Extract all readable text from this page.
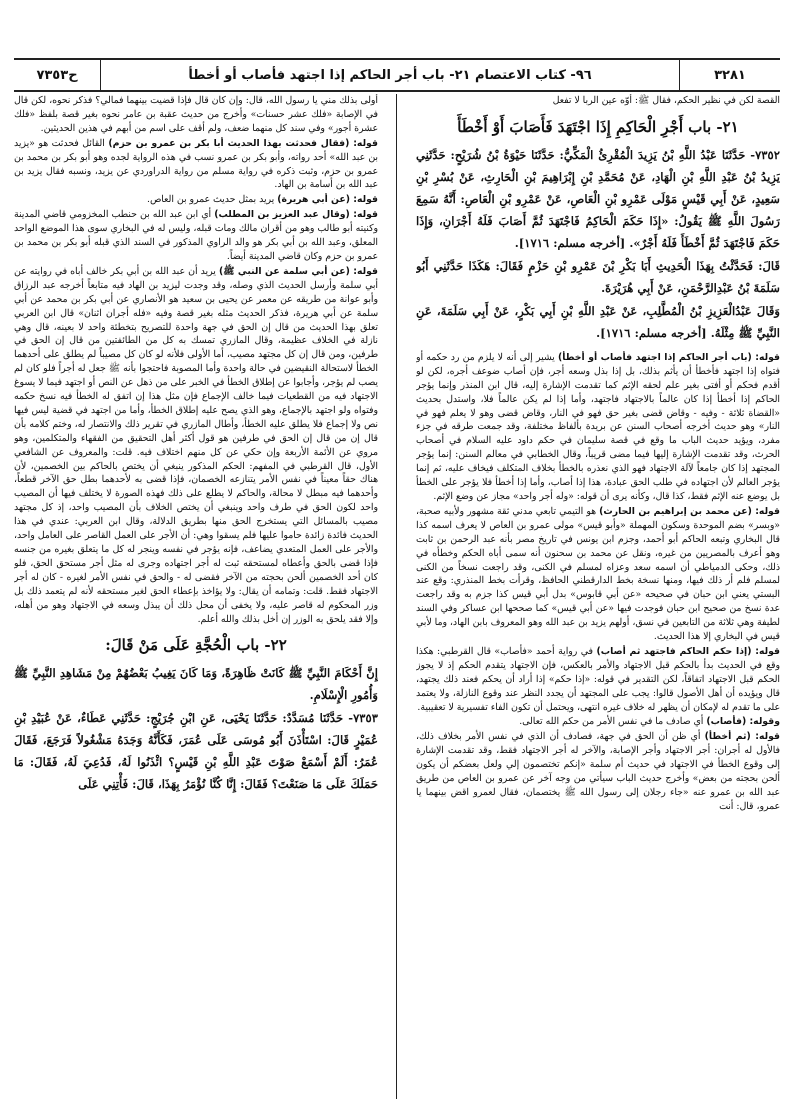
ح٧٣٥٣	٩٦- كتاب الاعتصام ٢١- باب أجر الحاكم إذا اجتهد فأصاب أو أخطأ	٣٢٨١

القصة لكن في نظير الحكم، فقال ﷺ: أوّه عين الربا لا تفعل

٢١- باب أَجْرِ الْحَاكِمِ إِذَا اجْتَهَدَ فَأَصَابَ أَوْ أَخْطَأَ

٧٣٥٢- حَدَّثَنَا عَبْدُ اللَّهِ بْنُ يَزِيدَ الْمُقْرِئُ الْمَكِّيُّ: حَدَّثَنَا حَيْوَةُ بْنُ شُرَيْحٍ: حَدَّثَنِي يَزِيدُ بْنُ عَبْدِ اللَّهِ بْنِ الْهَادِ، عَنْ مُحَمَّدِ بْنِ إِبْرَاهِيمَ بْنِ الْحَارِثِ، عَنْ بُسْرِ بْنِ سَعِيدٍ، عَنْ أَبِي قَيْسٍ مَوْلَى عَمْرِو بْنِ الْعَاصِ، عَنْ عَمْرِو بْنِ الْعَاصِ: أَنَّهُ سَمِعَ رَسُولَ اللَّهِ ﷺ يَقُولُ: «إِذَا حَكَمَ الْحَاكِمُ فَاجْتَهَدَ ثُمَّ أَصَابَ فَلَهُ أَجْرَانِ، وَإِذَا حَكَمَ فَاجْتَهَدَ ثُمَّ أَخْطَأَ فَلَهُ أَجْرٌ». [أخرجه مسلم: ١٧١٦].

قَالَ: فَحَدَّثْتُ بِهَذَا الْحَدِيثِ أَبَا بَكْرِ بْنَ عَمْرِو بْنِ حَزْمٍ فَقَالَ: هَكَذَا حَدَّثَنِي أَبُو سَلَمَةَ بْنُ عَبْدِالرَّحْمَنِ، عَنْ أَبِي هُرَيْرَةَ.

وَقَالَ عَبْدُالْعَزِيزِ بْنُ الْمُطَّلِبِ، عَنْ عَبْدِ اللَّهِ بْنِ أَبِي بَكْرٍ، عَنْ أَبِي سَلَمَةَ، عَنِ النَّبِيِّ ﷺ مِثْلَهُ. [أخرجه مسلم: ١٧١٦].

قوله: (باب أجر الحاكم إذا اجتهد فأصاب أو أخطأ) يشير إلى أنه لا يلزم من رد حكمه أو فتواه إذا اجتهد فأخطأ أن يأثم بذلك، بل إذا بذل وسعه أجر، فإن أصاب ضوعف أجره، لكن لو أقدم فحكم أو أفتى بغير علم لحقه الإثم كما تقدمت الإشارة إليه، قال ابن المنذر وإنما يؤجر الحاكم إذا أخطأ إذا كان عالماً بالاجتهاد فاجتهد، وأما إذا لم يكن عالماً فلا، واستدل بحديث «القضاة ثلاثة - وفيه - وقاض قضى بغير حق فهو في النار، وقاض قضى وهو لا يعلم فهو في النار» وهو حديث أخرجه أصحاب السنن عن بريدة بألفاظ مختلفة، وقد جمعت طرقه في جزء مفرد، ويؤيد حديث الباب ما وقع في قصة سليمان في حكم داود عليه السلام في أصحاب الحرث، وقد تقدمت الإشارة إليها فيما مضى قريباً، وقال الخطابي في معالم السنن: إنما يؤجر المجتهد إذا كان جامعاً لآلة الاجتهاد فهو الذي نعذره بالخطأ بخلاف المتكلف فيخاف عليه، ثم إنما يؤجر العالم لأن اجتهاده في طلب الحق عبادة، هذا إذا أصاب، وأما إذا أخطأ فلا يؤجر على الخطأ بل يوضع عنه الإثم فقط، كذا قال، وكأنه يرى أن قوله: «وله أجر واحد» مجاز عن وضع الإثم.

قوله: (عن محمد بن إبراهيم بن الحارث) هو التيمي تابعي مدني ثقة مشهور ولأبيه صحبة، «وبسر» بضم الموحدة وسكون المهملة «وأبو قيس» مولى عمرو بن العاص لا يعرف اسمه كذا قال البخاري وتبعه الحاكم أبو أحمد، وجزم ابن يونس في تاريخ مصر بأنه عبد الرحمن بن ثابت وهو أعرف بالمصريين من غيره، ونقل عن محمد بن سحنون أنه سمى أباه الحكم وخطأه في ذلك، وحكى الدمياطي أن اسمه سعد وعزاه لمسلم في الكنى، وقد راجعت نسخاً من الكنى لمسلم فلم أر ذلك فيها، ومنها نسخة بخط الدارقطني الحافظ، وقرأت بخط المنذري: وقع عند البستي يعني ابن حبان في صحيحه «عن أبي قابوس» بدل أبي قيس كذا جزم به وقد راجعت عدة نسخ من صحيح ابن حبان فوجدت فيها «عن أبي قيس» كما صححها ابن عساكر وفي السند لطيفة وهي ثلاثة من التابعين في نسق، أولهم يزيد بن عبد الله وهو المعروف بابن الهاد، وما لأبي قيس في البخاري إلا هذا الحديث.

قوله: (إذا حكم الحاكم فاجتهد ثم أصاب) في رواية أحمد «فأصاب» قال القرطبي: هكذا وقع في الحديث بدأ بالحكم قبل الاجتهاد والأمر بالعكس، فإن الاجتهاد يتقدم الحكم إذ لا يجوز الحكم قبل الاجتهاد اتفاقاً، لكن التقدير في قوله: «إذا حكم» إذا أراد أن يحكم فعند ذلك يجتهد، قال ويؤيده أن أهل الأصول قالوا: يجب على المجتهد أن يجدد النظر عند وقوع النازلة، ولا يعتمد على ما تقدم له لإمكان أن يظهر له خلاف غيره انتهى، ويحتمل أن تكون الفاء تفسيرية لا تعقيبية.

وقوله: (فأصاب) أي صادف ما في نفس الأمر من حكم الله تعالى.

قوله: (ثم أخطأ) أي ظن أن الحق في جهة، فصادف أن الذي في نفس الأمر بخلاف ذلك، فالأول له أجران: أجر الاجتهاد وأجر الإصابة، والآخر له أجر الاجتهاد فقط، وقد تقدمت الإشارة إلى وقوع الخطأ في الاجتهاد في حديث أم سلمة «إنكم تختصمون إلي ولعل بعضكم أن يكون ألحن بحجته من بعض» وأخرج حديث الباب سيأتي من وجه آخر عن عمرو بن العاص من طريق عبد الله بن عمرو عنه «جاء رجلان إلى رسول الله ﷺ يختصمان، فقال لعمرو اقض بينهما يا عمرو، قال: أنت

أولى بذلك مني يا رسول الله، قال: وإن كان قال فإذا قضيت بينهما فمالي؟ فذكر نحوه، لكن قال في الإصابة «فلك عشر حسنات» وأخرج من حديث عقبة بن عامر نحوه بغير قصة بلفظ «فلك عشرة أجور» وفي سند كل منهما ضعف، ولم أقف على اسم من أبهم في هذين الحديثين.

قوله: (فقال فحدثت بهذا الحديث أبا بكر بن عمرو بن حزم) القائل فحدثت هو «يزيد بن عبد الله» أحد رواته، وأبو بكر بن عمرو نسب في هذه الرواية لجده وهو أبو بكر بن محمد بن عمرو بن حزم، وثبت ذكره في رواية مسلم من رواية الدراوردي عن يزيد، ونسبه فقال يزيد بن عبد الله بن أسامة بن الهاد.

قوله: (عن أبي هريرة) يريد بمثل حديث عمرو بن العاص.

قوله: (وقال عبد العزيز بن المطلب) أي ابن عبد الله بن حنطب المخزومي قاضي المدينة وكنيته أبو طالب وهو من أقران مالك ومات قبله، وليس له في البخاري سوى هذا الموضع الواحد المعلق، وعبد الله بن أبي بكر هو والد الراوي المذكور في السند الذي قبله أبو بكر بن محمد بن عمرو بن حزم وكان قاضي المدينة أيضاً.

قوله: (عن أبي سلمة عن النبي ﷺ) يريد أن عبد الله بن أبي بكر خالف أباه في روايته عن أبي سلمة وأرسل الحديث الذي وصله، وقد وجدت ليزيد بن الهاد فيه متابعاً أخرجه عبد الرزاق وأبو عوانة من طريقه عن معمر عن يحيى بن سعيد هو الأنصاري عن أبي بكر بن محمد عن أبي سلمة عن أبي هريرة، فذكر الحديث مثله بغير قصة وفيه «فله أجران اثنان» قال ابن العربي تعلق بهذا الحديث من قال إن الحق في جهة واحدة للتصريح بتخطئة واحد لا بعينه، قال وهي نازلة في الخلاف عظيمة، وقال المازري تمسك به كل من الطائفتين من قال إن الحق في طرفين، ومن قال إن كل مجتهد مصيب، أما الأولى فلأنه لو كان كل مصيباً لم يطلق على أحدهما الخطأ لاستحالة النقيضين في حالة واحدة وأما المصوبة فاحتجوا بأنه ﷺ جعل له أجراً فلو كان لم يصب لم يؤجر، وأجابوا عن إطلاق الخطأ في الخبر على من ذهل عن النص أو اجتهد فيما لا يسوغ الاجتهاد فيه من القطعيات فيما خالف الإجماع فإن مثل هذا إن اتفق له الخطأ فيه نسخ حكمه وفتواه ولو اجتهد بالإجماع، وهو الذي يصح عليه إطلاق الخطأ، وأما من اجتهد في قضية ليس فيها نص ولا إجماع فلا يطلق عليه الخطأ، وأطال المازري في تقرير ذلك والانتصار له، وختم كلامه بأن قال إن من قال إن الحق في طرفين هو قول أكثر أهل التحقيق من الفقهاء والمتكلمين، وهو مروي عن الأئمة الأربعة وإن حكي عن كل منهم اختلاف فيه. قلت: والمعروف عن الشافعي الأول، قال القرطبي في المفهم: الحكم المذكور ينبغي أن يختص بالحاكم بين الخصمين، لأن هناك حقاً معيناً في نفس الأمر يتنازعه الخصمان، فإذا قضى به لأحدهما بطل حق الآخر قطعاً، وأحدهما فيه مبطل لا محالة، والحاكم لا يطلع على ذلك فهذه الصورة لا يختلف فيها أن المصيب واحد لكون الحق في طرف واحد وينبغي أن يختص الخلاف بأن المصيب واحد، إذ كل مجتهد مصيب بالمسائل التي يستخرج الحق منها بطريق الدلالة، وقال ابن العربي: عندي في هذا الحديث فائدة زائدة حاموا عليها فلم يسقوا وهي: أن الأجر على العمل القاصر على العامل واحد، والأجر على العمل المتعدي يضاعف، فإنه يؤجر في نفسه وينجر له كل ما يتعلق بغيره من جنسه فإذا قضى بالحق وأعطاه لمستحقه ثبت له أجر اجتهاده وجرى له مثل أجر مستحق الحق، فلو كان أحد الخصمين ألحن بحجته من الآخر فقضى له - والحق في نفس الأمر لغيره - كان له أجر الاجتهاد فقط. قلت: وتمامه أن يقال: ولا يؤاخذ بإعطاء الحق لغير مستحقه لأنه لم يتعمد ذلك بل وزر المحكوم له قاصر عليه، ولا يخفى أن محل ذلك أن يبذل وسعه في الاجتهاد وهو من أهله، وإلا فقد يلحق به الوزر إن أخل بذلك والله أعلم.

٢٢- باب الْحُجَّةِ عَلَى مَنْ قَالَ:

إِنَّ أَحْكَامَ النَّبِيِّ ﷺ كَانَتْ ظَاهِرَةً، وَمَا كَانَ يَغِيبُ بَعْضُهُمْ مِنْ مَشَاهِدِ النَّبِيِّ ﷺ وَأُمُورِ الْإِسْلَامِ.

٧٣٥٣- حَدَّثَنَا مُسَدَّدٌ: حَدَّثَنَا يَحْيَى، عَنِ ابْنِ جُرَيْجٍ: حَدَّثَنِي عَطَاءٌ، عَنْ عُبَيْدِ بْنِ عُمَيْرٍ قَالَ: اسْتَأْذَنَ أَبُو مُوسَى عَلَى عُمَرَ، فَكَأَنَّهُ وَجَدَهُ مَشْغُولاً فَرَجَعَ، فَقَالَ عُمَرُ: أَلَمْ أَسْمَعْ صَوْتَ عَبْدِ اللَّهِ بْنِ قَيْسٍ؟ ائْذَنُوا لَهُ، فَدُعِيَ لَهُ، فَقَالَ: مَا حَمَلَكَ عَلَى مَا صَنَعْتَ؟ فَقَالَ: إِنَّا كُنَّا نُؤْمَرُ بِهَذَا، قَالَ: فَأْتِنِي عَلَى
